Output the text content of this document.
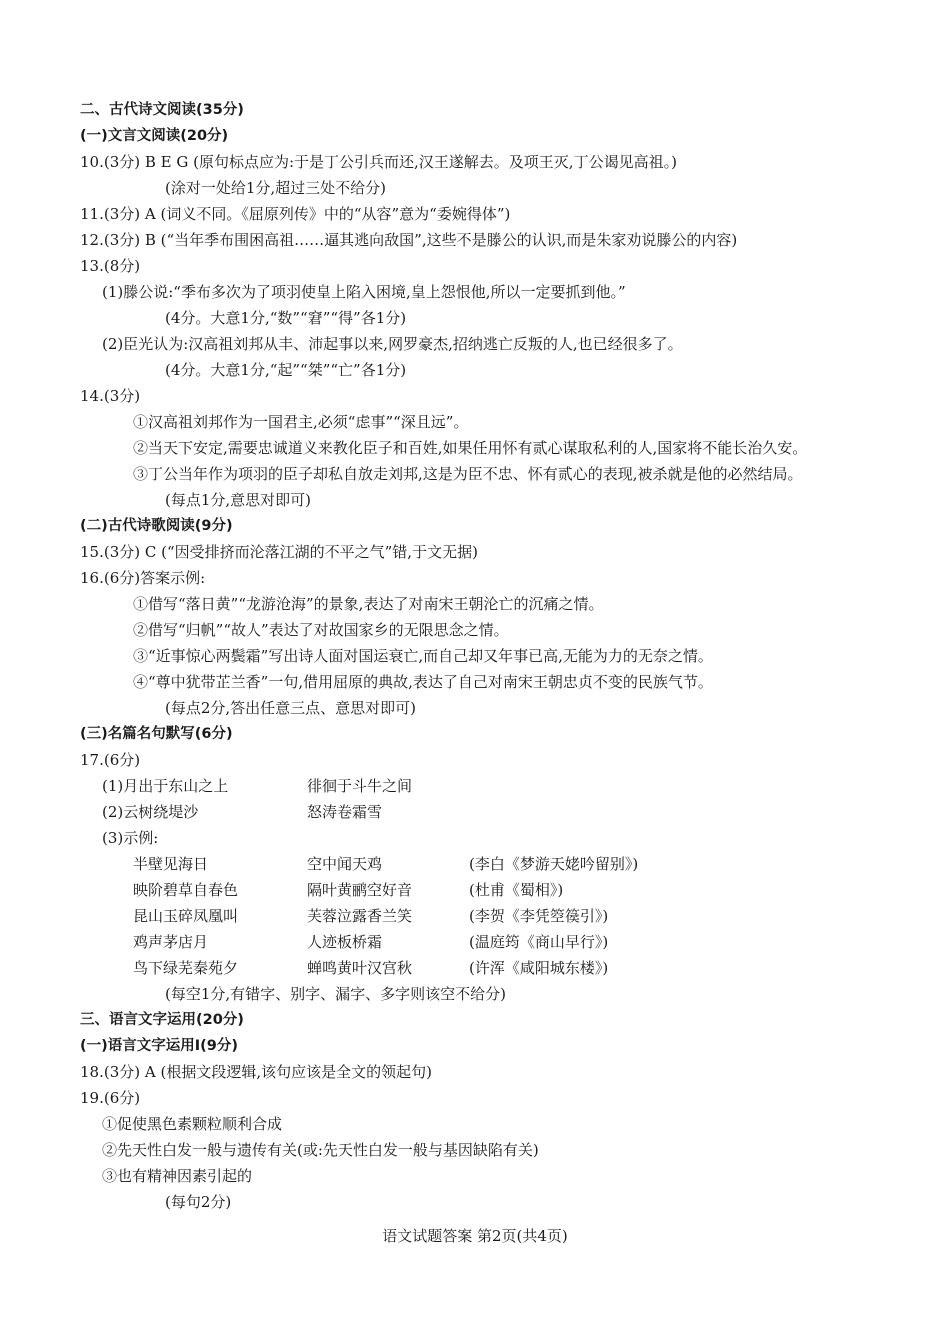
二、古代诗文阅读(35分)
(一)文言文阅读(20分)
10.(3分) B E G (原句标点应为:于是丁公引兵而还,汉王遂解去。及项王灭,丁公谒见高祖。)
(涂对一处给1分,超过三处不给分)
11.(3分) A (词义不同。《屈原列传》中的“从容”意为“委婉得体”)
12.(3分) B (“当年季布围困高祖……逼其逃向敌国”,这些不是滕公的认识,而是朱家劝说滕公的内容)
13.(8分)
(1)滕公说:“季布多次为了项羽使皇上陷入困境,皇上怨恨他,所以一定要抓到他。”
(4分。大意1分,“数”“窘”“得”各1分)
(2)臣光认为:汉高祖刘邦从丰、沛起事以来,网罗豪杰,招纳逃亡反叛的人,也已经很多了。
(4分。大意1分,“起”“桀”“亡”各1分)
14.(3分)
①汉高祖刘邦作为一国君主,必须“虑事”“深且远”。
②当天下安定,需要忠诚道义来教化臣子和百姓,如果任用怀有贰心谋取私利的人,国家将不能长治久安。
③丁公当年作为项羽的臣子却私自放走刘邦,这是为臣不忠、怀有贰心的表现,被杀就是他的必然结局。
(每点1分,意思对即可)
(二)古代诗歌阅读(9分)
15.(3分) C (“因受排挤而沦落江湖的不平之气”错,于文无据)
16.(6分)答案示例:
①借写“落日黄”“龙游沧海”的景象,表达了对南宋王朝沦亡的沉痛之情。
②借写“归帆”“故人”表达了对故国家乡的无限思念之情。
③“近事惊心两鬓霜”写出诗人面对国运衰亡,而自己却又年事已高,无能为力的无奈之情。
④“尊中犹带芷兰香”一句,借用屈原的典故,表达了自己对南宋王朝忠贞不变的民族气节。
(每点2分,答出任意三点、意思对即可)
(三)名篇名句默写(6分)
17.(6分)
(1)月出于东山之上	徘徊于斗牛之间
(2)云树绕堤沙	怒涛卷霜雪
(3)示例:
半壁见海日	空中闻天鸡	(李白《梦游天姥吟留别》)
映阶碧草自春色	隔叶黄鹂空好音	(杜甫《蜀相》)
昆山玉碎凤凰叫	芙蓉泣露香兰笑	(李贺《李凭箜篌引》)
鸡声茅店月	人迹板桥霜	(温庭筠《商山早行》)
鸟下绿芜秦苑夕	蝉鸣黄叶汉宫秋	(许浑《咸阳城东楼》)
(每空1分,有错字、别字、漏字、多字则该空不给分)
三、语言文字运用(20分)
(一)语言文字运用Ⅰ(9分)
18.(3分) A (根据文段逻辑,该句应该是全文的领起句)
19.(6分)
①促使黑色素颗粒顺利合成
②先天性白发一般与遗传有关(或:先天性白发一般与基因缺陷有关)
③也有精神因素引起的
(每句2分)
语文试题答案 第2页(共4页)
